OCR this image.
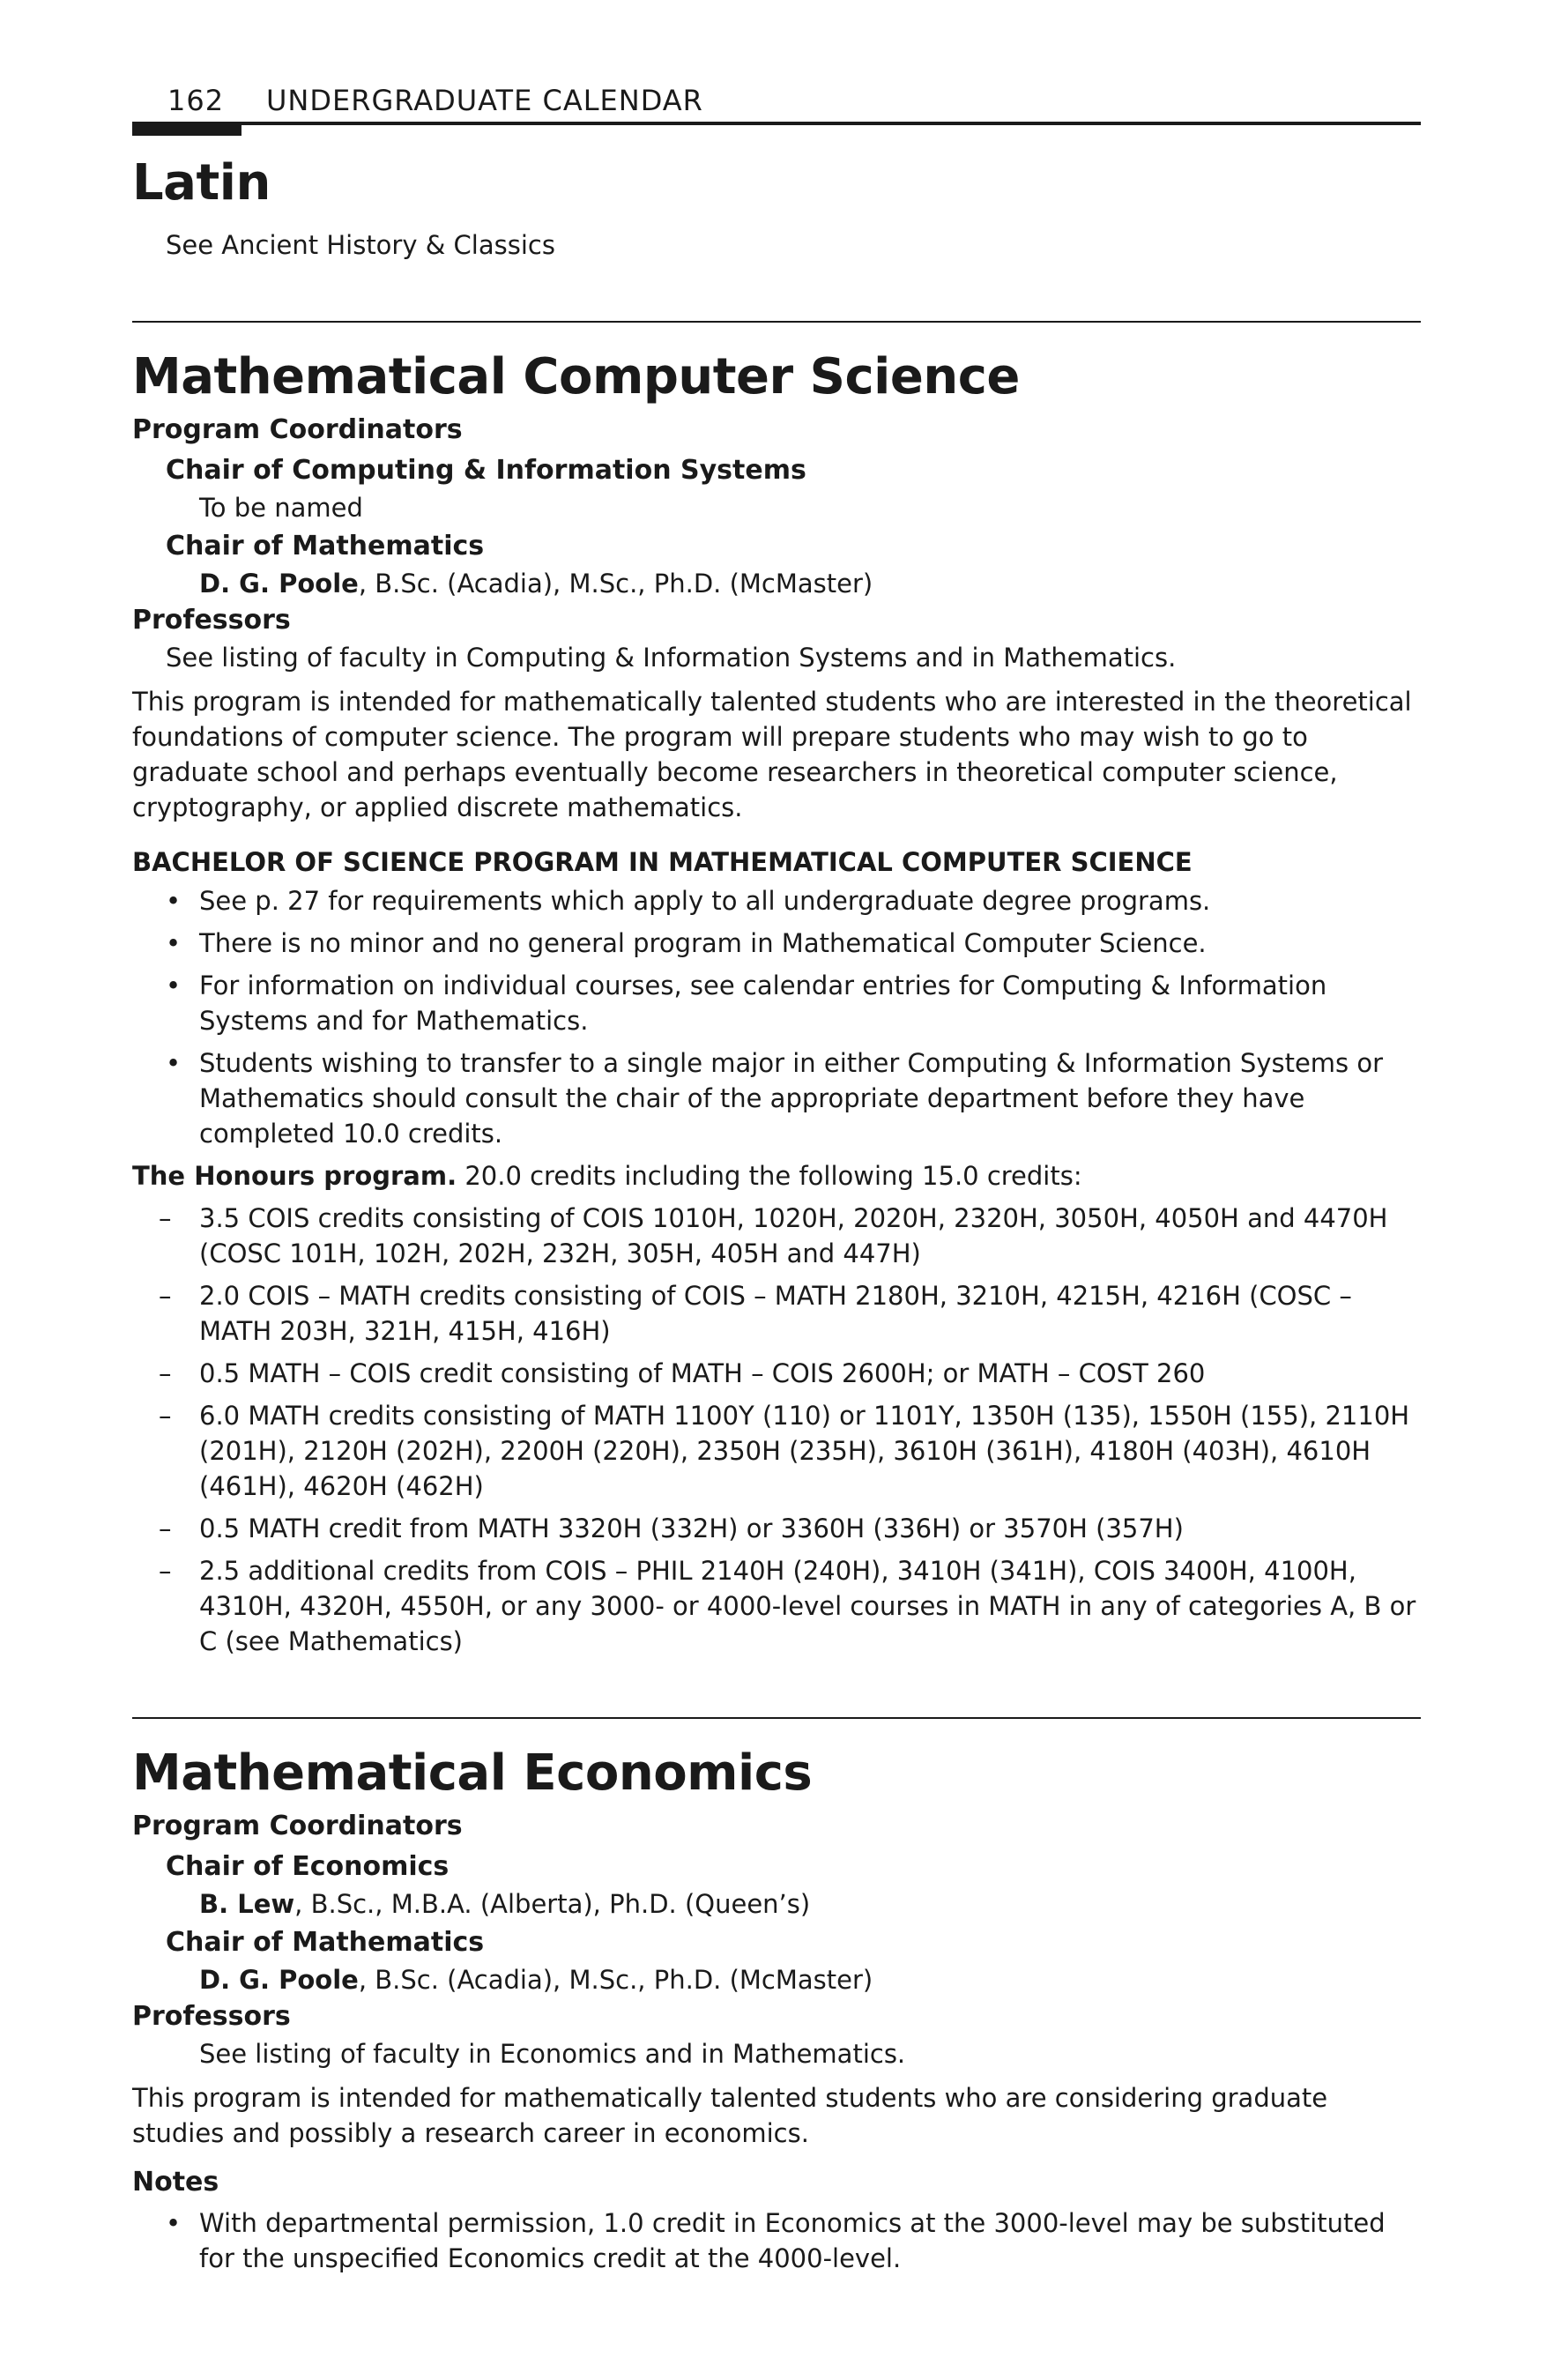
162 UNDERGRADUATE CALENDAR
Latin

See Ancient History & Classics

Mathematical Computer Science
Program Coordinators
Chair of Computing & Information Systems

To be named

Chair of Mathematics

D. G. Poole, B.Sc. (Acadia), M.Sc., Ph.D. (McMaster)

Professors

See listing of faculty in Computing & Information Systems and in Mathematics.

This program is intended for mathematically talented students who are interested in the theoretical foundations of computer science. The program will prepare students who may wish to go to graduate school and perhaps eventually become researchers in theoretical computer science, cryptography, or applied discrete mathematics.

BACHELOR OF SCIENCE PROGRAM IN MATHEMATICAL COMPUTER SCIENCE
• See p. 27 for requirements which apply to all undergraduate degree programs.
• There is no minor and no general program in Mathematical Computer Science.
• For information on individual courses, see calendar entries for Computing & Information Systems and for Mathematics.
• Students wishing to transfer to a single major in either Computing & Information Systems or Mathematics should consult the chair of the appropriate department before they have completed 10.0 credits.

The Honours program. 20.0 credits including the following 15.0 credits:

– 3.5 COIS credits consisting of COIS 1010H, 1020H, 2020H, 2320H, 3050H, 4050H and 4470H (COSC 101H, 102H, 202H, 232H, 305H, 405H and 447H)
– 2.0 COIS – MATH credits consisting of COIS – MATH 2180H, 3210H, 4215H, 4216H (COSC – MATH 203H, 321H, 415H, 416H)
– 0.5 MATH – COIS credit consisting of MATH – COIS 2600H; or MATH – COST 260
– 6.0 MATH credits consisting of MATH 1100Y (110) or 1101Y, 1350H (135), 1550H (155), 2110H (201H), 2120H (202H), 2200H (220H), 2350H (235H), 3610H (361H), 4180H (403H), 4610H (461H), 4620H (462H)
– 0.5 MATH credit from MATH 3320H (332H) or 3360H (336H) or 3570H (357H)
– 2.5 additional credits from COIS – PHIL 2140H (240H), 3410H (341H), COIS 3400H, 4100H, 4310H, 4320H, 4550H, or any 3000- or 4000-level courses in MATH in any of categories A, B or C (see Mathematics)
Mathematical Economics
Program Coordinators
Chair of Economics

B. Lew, B.Sc., M.B.A. (Alberta), Ph.D. (Queen’s)

Chair of Mathematics

D. G. Poole, B.Sc. (Acadia), M.Sc., Ph.D. (McMaster)

Professors

See listing of faculty in Economics and in Mathematics.

This program is intended for mathematically talented students who are considering graduate studies and possibly a research career in economics.

Notes
• With departmental permission, 1.0 credit in Economics at the 3000-level may be substituted for the unspecified Economics credit at the 4000-level.
